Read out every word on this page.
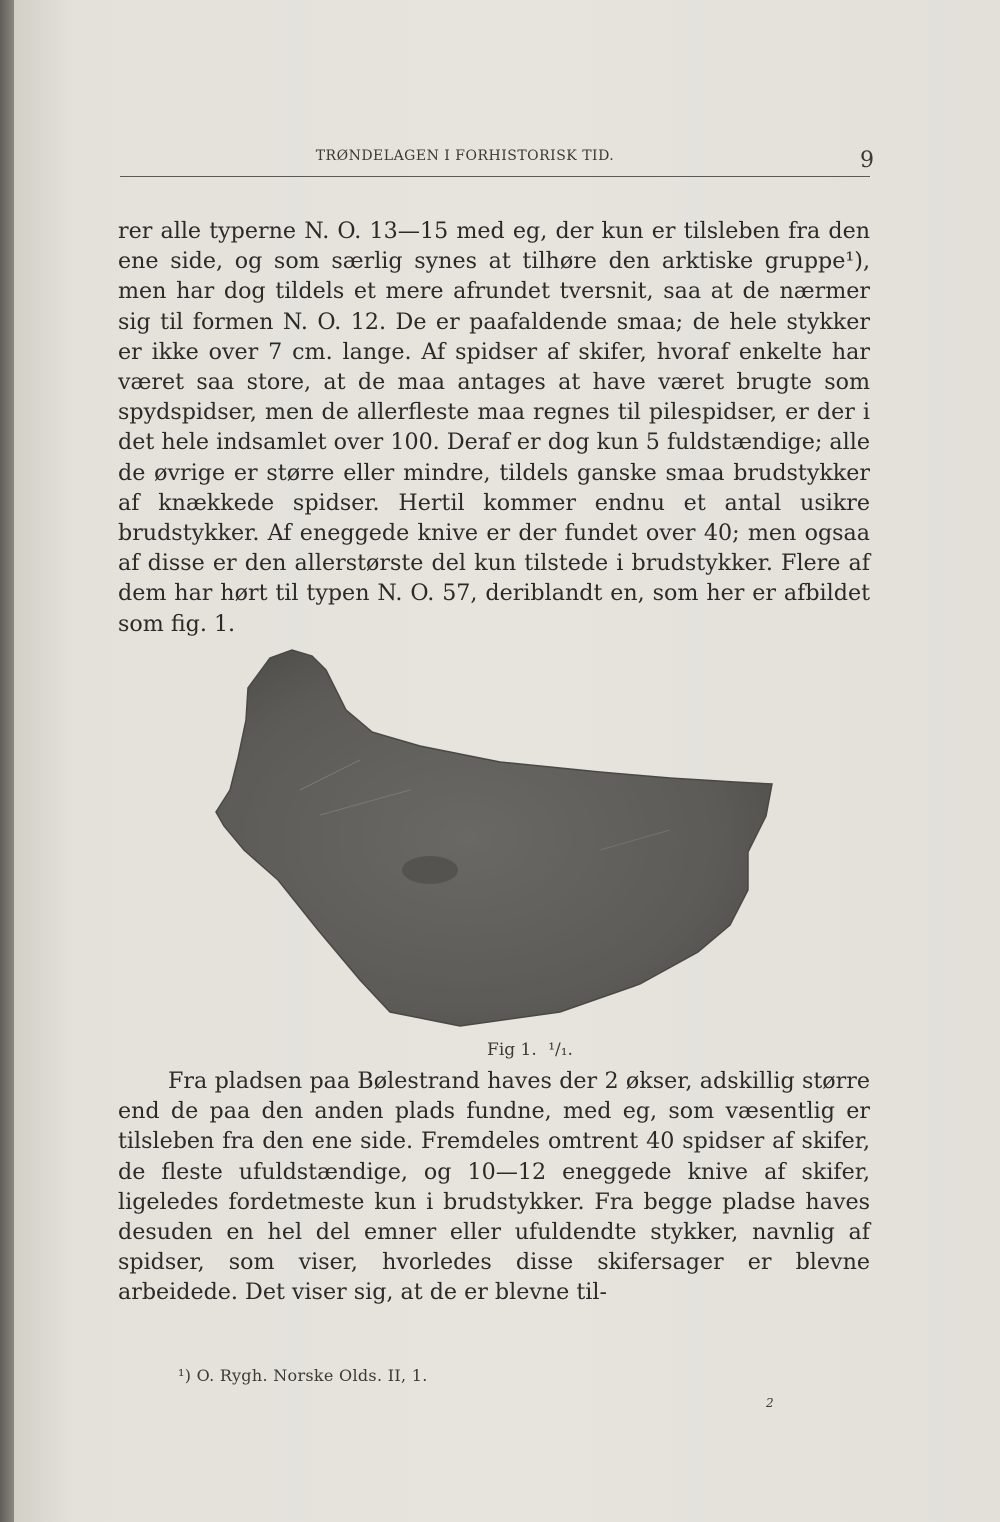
TRØNDELAGEN I FORHISTORISK TID.	9

rer alle typerne N. O. 13—15 med eg, der kun er tilsleben fra den ene side, og som særlig synes at tilhøre den arktiske gruppe¹), men har dog tildels et mere afrundet tversnit, saa at de nærmer sig til formen N. O. 12. De er paafaldende smaa; de hele stykker er ikke over 7 cm. lange. Af spidser af skifer, hvoraf enkelte har været saa store, at de maa antages at have været brugte som spydspidser, men de allerfleste maa regnes til pilespidser, er der i det hele indsamlet over 100. Deraf er dog kun 5 fuldstændige; alle de øvrige er større eller mindre, tildels ganske smaa brudstykker af knækkede spidser. Hertil kommer endnu et antal usikre brudstykker. Af eneggede knive er der fundet over 40; men ogsaa af disse er den allerstørste del kun tilstede i brudstykker. Flere af dem har hørt til typen N. O. 57, deriblandt en, som her er afbildet som fig. 1.

Fig 1. ¹/₁.

Fra pladsen paa Bølestrand haves der 2 økser, adskillig større end de paa den anden plads fundne, med eg, som væsentlig er tilsleben fra den ene side. Fremdeles omtrent 40 spidser af skifer, de fleste ufuldstændige, og 10—12 eneggede knive af skifer, ligeledes fordetmeste kun i brudstykker. Fra begge pladse haves desuden en hel del emner eller ufuldendte stykker, navnlig af spidser, som viser, hvorledes disse skifersager er blevne arbeidede. Det viser sig, at de er blevne til-

¹) O. Rygh. Norske Olds. II, 1.
2
